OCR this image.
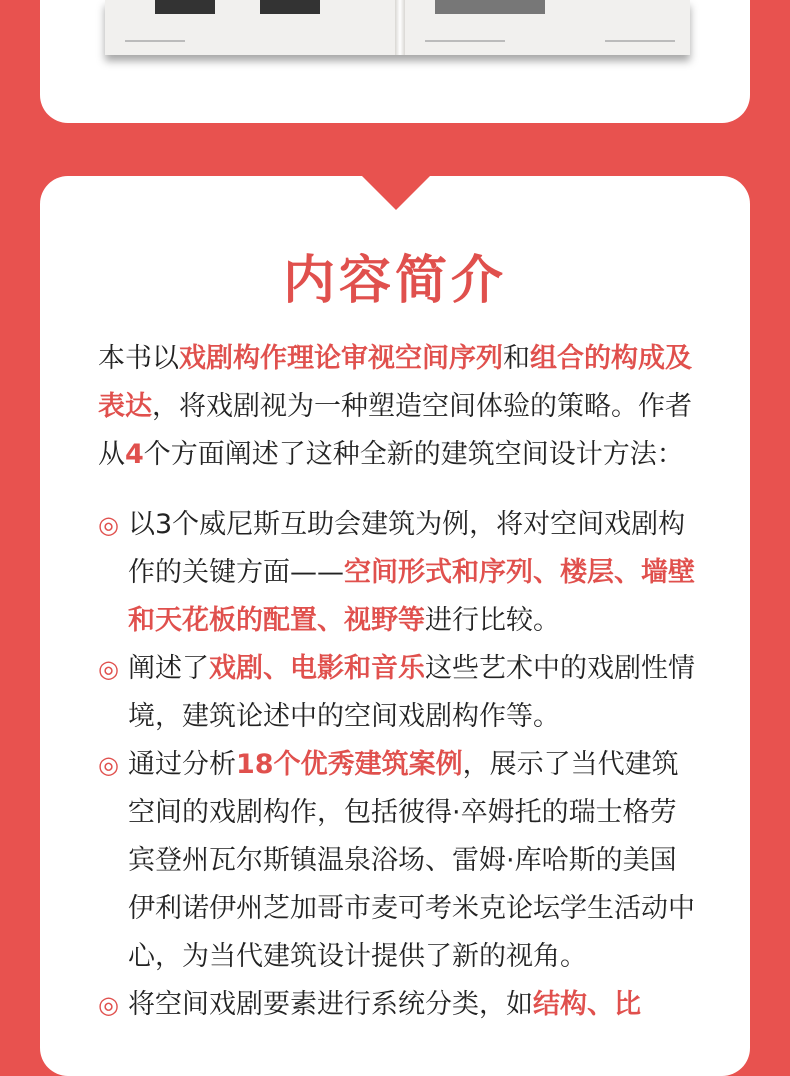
内容简介

本书以戏剧构作理论审视空间序列和组合的构成及表达，将戏剧视为一种塑造空间体验的策略。作者从4个方面阐述了这种全新的建筑空间设计方法：

◎ 以3个威尼斯互助会建筑为例，将对空间戏剧构作的关键方面——空间形式和序列、楼层、墙壁和天花板的配置、视野等进行比较。
◎ 阐述了戏剧、电影和音乐这些艺术中的戏剧性情境，建筑论述中的空间戏剧构作等。
◎ 通过分析18个优秀建筑案例，展示了当代建筑空间的戏剧构作，包括彼得·卒姆托的瑞士格劳宾登州瓦尔斯镇温泉浴场、雷姆·库哈斯的美国伊利诺伊州芝加哥市麦可考米克论坛学生活动中心，为当代建筑设计提供了新的视角。
◎ 将空间戏剧要素进行系统分类，如结构、比
